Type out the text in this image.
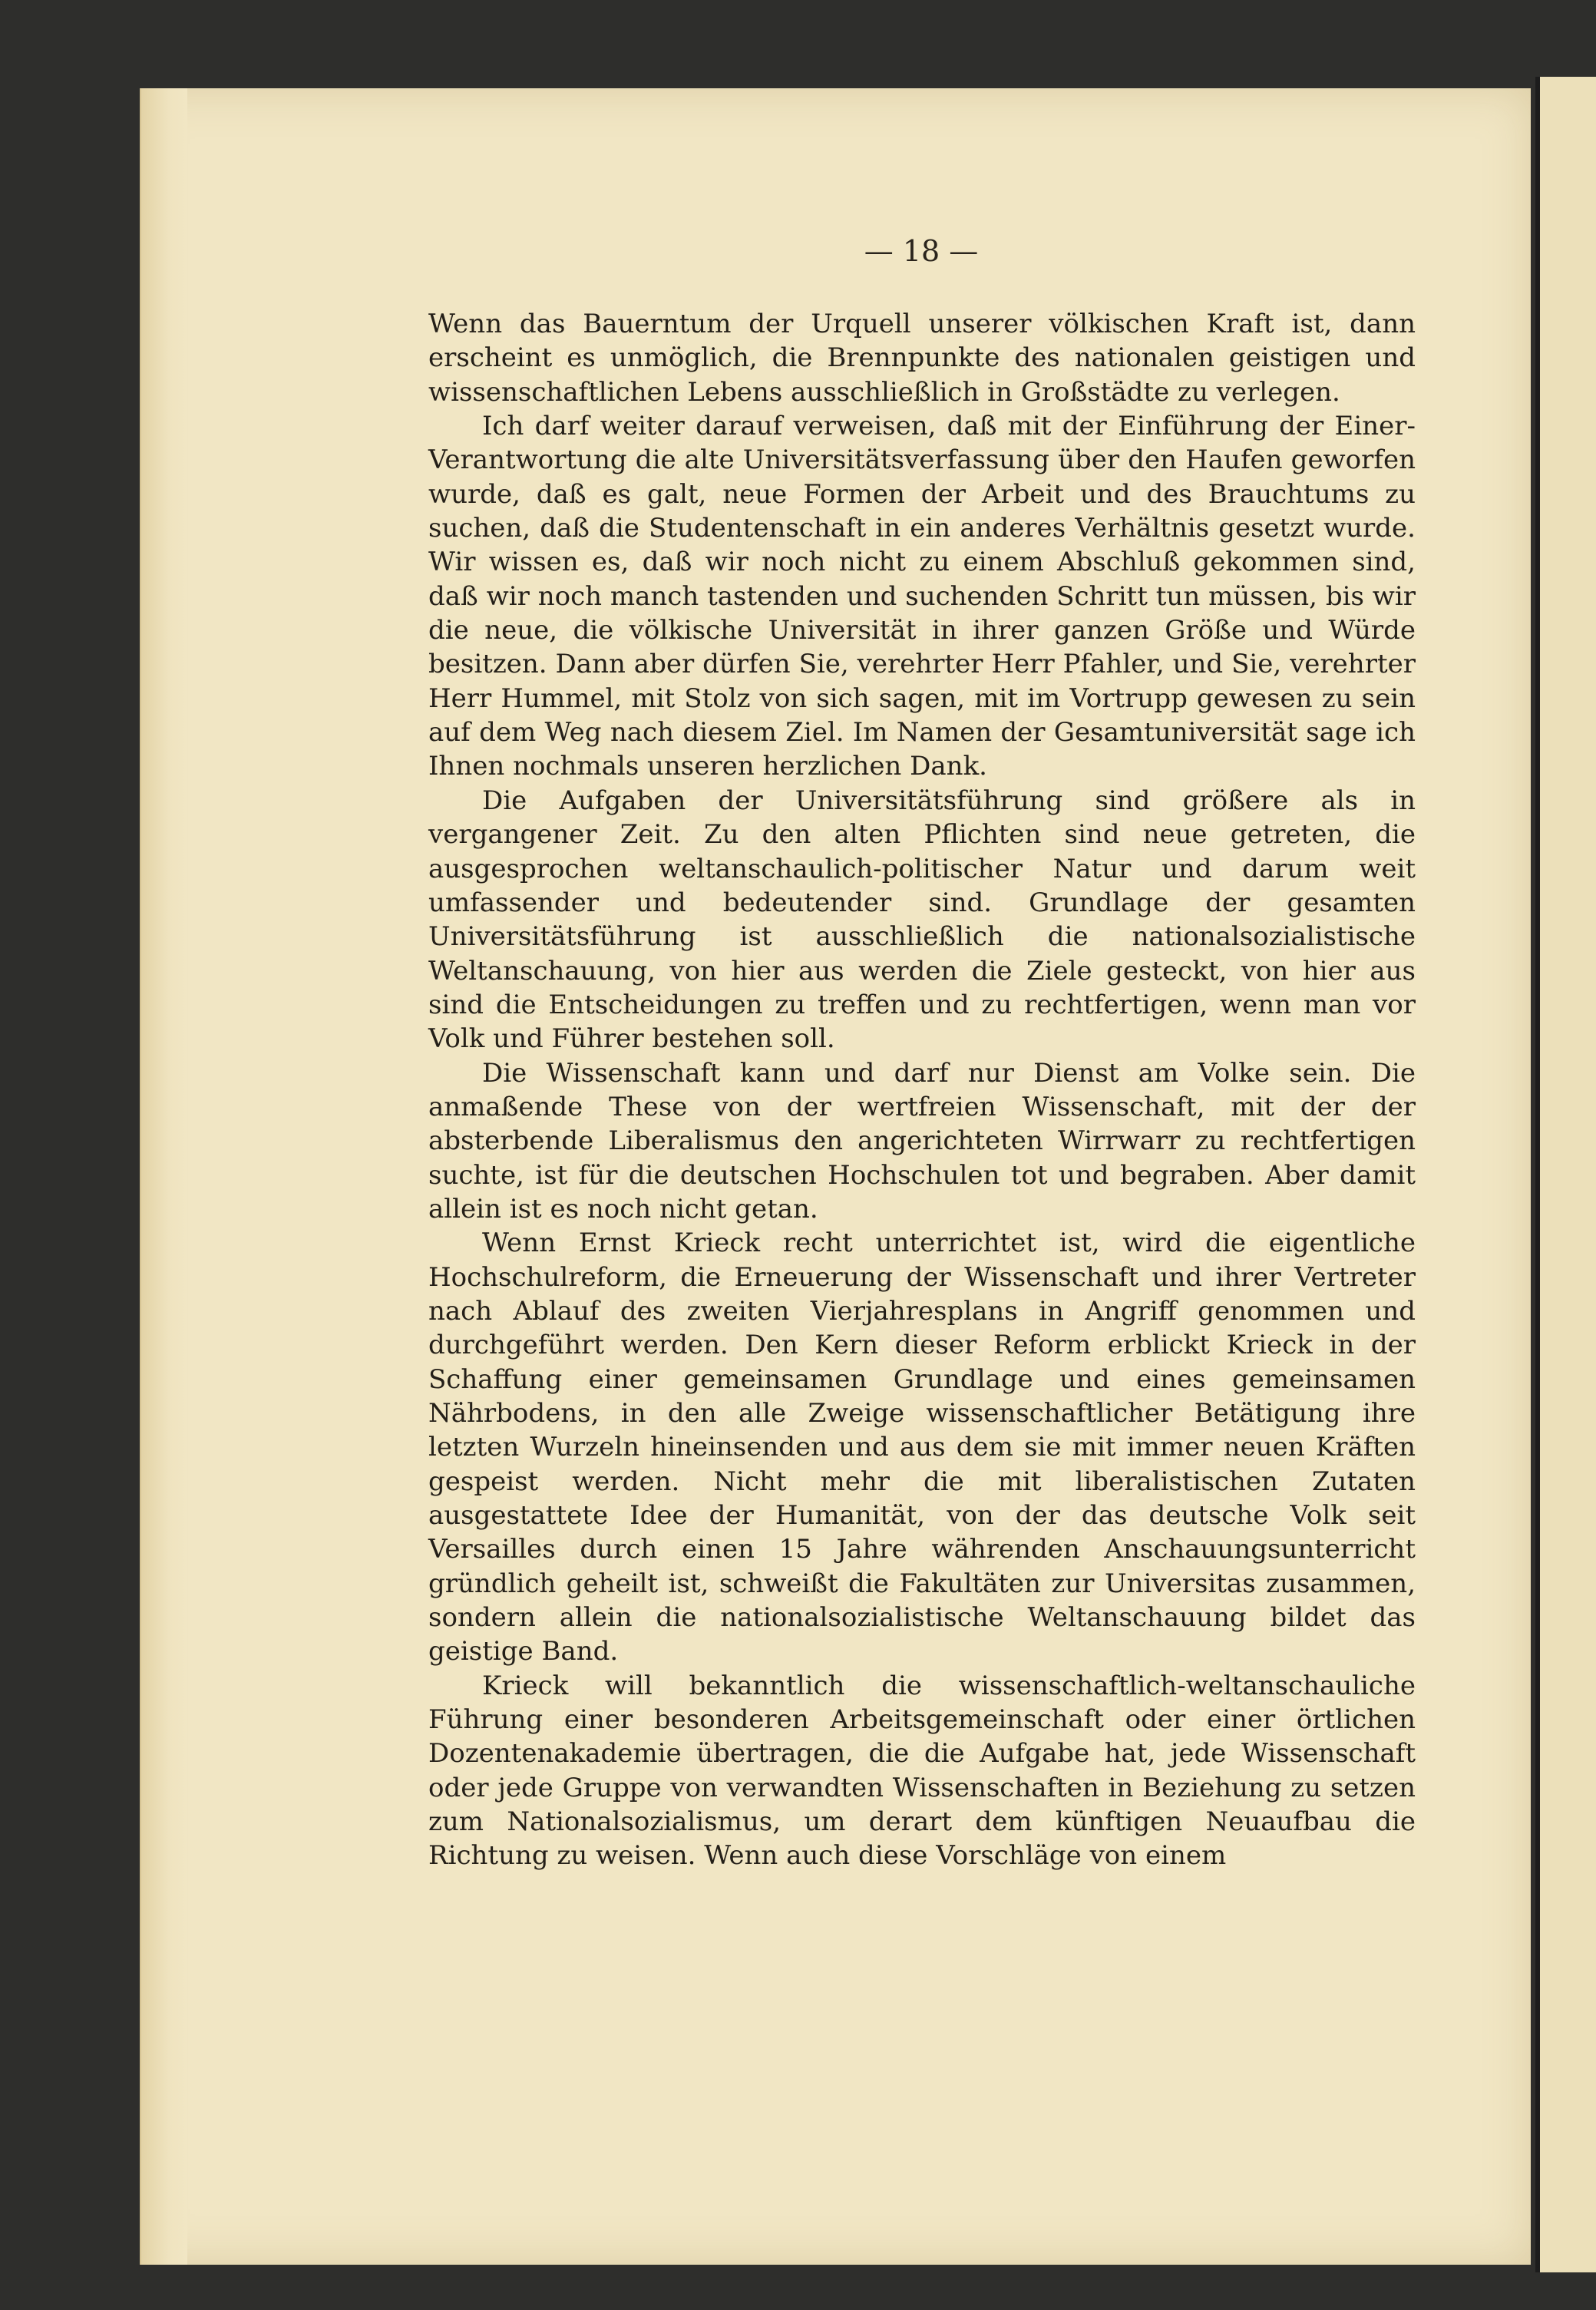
— 18 —

Wenn das Bauerntum der Urquell unserer völkischen Kraft ist, dann erscheint es unmöglich, die Brennpunkte des nationalen geistigen und wissenschaftlichen Lebens ausschließlich in Großstädte zu verlegen.

Ich darf weiter darauf verweisen, daß mit der Einführung der Einer-Verantwortung die alte Universitätsverfassung über den Haufen geworfen wurde, daß es galt, neue Formen der Arbeit und des Brauchtums zu suchen, daß die Studentenschaft in ein anderes Verhältnis gesetzt wurde. Wir wissen es, daß wir noch nicht zu einem Abschluß gekommen sind, daß wir noch manch tastenden und suchenden Schritt tun müssen, bis wir die neue, die völkische Universität in ihrer ganzen Größe und Würde besitzen. Dann aber dürfen Sie, verehrter Herr Pfahler, und Sie, verehrter Herr Hummel, mit Stolz von sich sagen, mit im Vortrupp gewesen zu sein auf dem Weg nach diesem Ziel. Im Namen der Gesamtuniversität sage ich Ihnen nochmals unseren herzlichen Dank.

Die Aufgaben der Universitätsführung sind größere als in vergangener Zeit. Zu den alten Pflichten sind neue getreten, die ausgesprochen weltanschaulich-politischer Natur und darum weit umfassender und bedeutender sind. Grundlage der gesamten Universitätsführung ist ausschließlich die nationalsozialistische Weltanschauung, von hier aus werden die Ziele gesteckt, von hier aus sind die Entscheidungen zu treffen und zu rechtfertigen, wenn man vor Volk und Führer bestehen soll.

Die Wissenschaft kann und darf nur Dienst am Volke sein. Die anmaßende These von der wertfreien Wissenschaft, mit der der absterbende Liberalismus den angerichteten Wirrwarr zu rechtfertigen suchte, ist für die deutschen Hochschulen tot und begraben. Aber damit allein ist es noch nicht getan.

Wenn Ernst Krieck recht unterrichtet ist, wird die eigentliche Hochschulreform, die Erneuerung der Wissenschaft und ihrer Vertreter nach Ablauf des zweiten Vierjahresplans in Angriff genommen und durchgeführt werden. Den Kern dieser Reform erblickt Krieck in der Schaffung einer gemeinsamen Grundlage und eines gemeinsamen Nährbodens, in den alle Zweige wissenschaftlicher Betätigung ihre letzten Wurzeln hineinsenden und aus dem sie mit immer neuen Kräften gespeist werden. Nicht mehr die mit liberalistischen Zutaten ausgestattete Idee der Humanität, von der das deutsche Volk seit Versailles durch einen 15 Jahre währenden Anschauungsunterricht gründlich geheilt ist, schweißt die Fakultäten zur Universitas zusammen, sondern allein die nationalsozialistische Weltanschauung bildet das geistige Band.

Krieck will bekanntlich die wissenschaftlich-weltanschauliche Führung einer besonderen Arbeitsgemeinschaft oder einer örtlichen Dozentenakademie übertragen, die die Aufgabe hat, jede Wissenschaft oder jede Gruppe von verwandten Wissenschaften in Beziehung zu setzen zum Nationalsozialismus, um derart dem künftigen Neuaufbau die Richtung zu weisen. Wenn auch diese Vorschläge von einem
